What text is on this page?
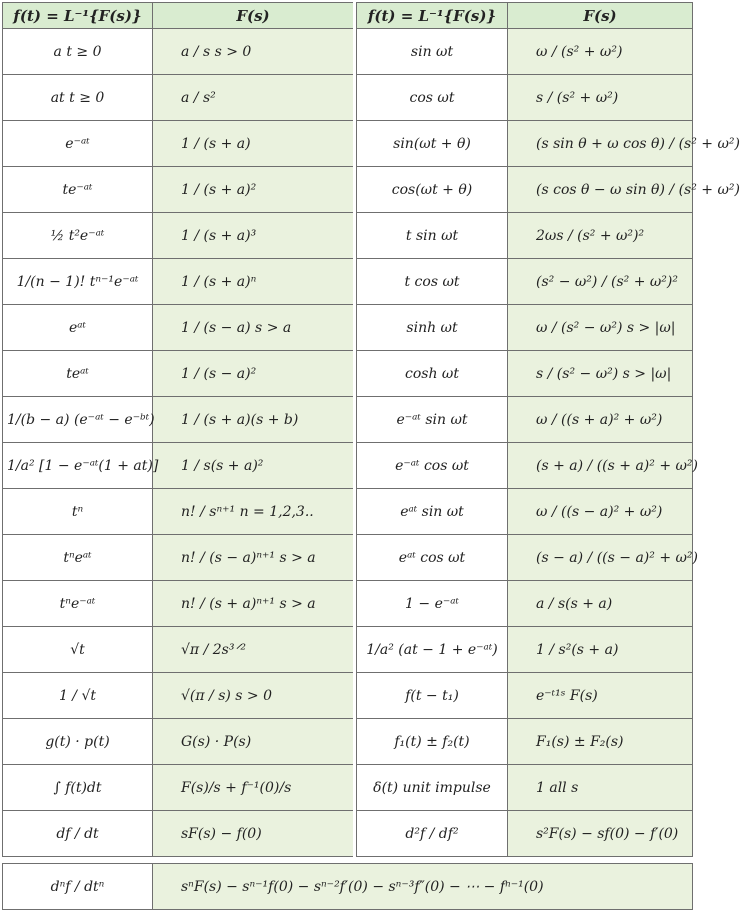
f(t) = L⁻¹{F(s)}	F(s)
a t ≥ 0	a / s s > 0
at t ≥ 0	a / s²
e⁻ᵃᵗ	1 / (s + a)
te⁻ᵃᵗ	1 / (s + a)²
½ t²e⁻ᵃᵗ	1 / (s + a)³
1/(n − 1)! tⁿ⁻¹e⁻ᵃᵗ	1 / (s + a)ⁿ
eᵃᵗ	1 / (s − a) s > a
teᵃᵗ	1 / (s − a)²
1/(b − a) (e⁻ᵃᵗ − e⁻ᵇᵗ)	1 / (s + a)(s + b)
1/a² [1 − e⁻ᵃᵗ(1 + at)]	1 / s(s + a)²
tⁿ	n! / sⁿ⁺¹ n = 1,2,3..
tⁿeᵃᵗ	n! / (s − a)ⁿ⁺¹ s > a
tⁿe⁻ᵃᵗ	n! / (s + a)ⁿ⁺¹ s > a
√t	√π / 2s³ᐟ²
1 / √t	√(π / s) s > 0
g(t) · p(t)	G(s) · P(s)
∫ f(t)dt	F(s)/s + f⁻¹(0)/s
df / dt	sF(s) − f(0)
f(t) = L⁻¹{F(s)}	F(s)
sin ωt	ω / (s² + ω²)
cos ωt	s / (s² + ω²)
sin(ωt + θ)	(s sin θ + ω cos θ) / (s² + ω²)
cos(ωt + θ)	(s cos θ − ω sin θ) / (s² + ω²)
t sin ωt	2ωs / (s² + ω²)²
t cos ωt	(s² − ω²) / (s² + ω²)²
sinh ωt	ω / (s² − ω²) s > |ω|
cosh ωt	s / (s² − ω²) s > |ω|
e⁻ᵃᵗ sin ωt	ω / ((s + a)² + ω²)
e⁻ᵃᵗ cos ωt	(s + a) / ((s + a)² + ω²)
eᵃᵗ sin ωt	ω / ((s − a)² + ω²)
eᵃᵗ cos ωt	(s − a) / ((s − a)² + ω²)
1 − e⁻ᵃᵗ	a / s(s + a)
1/a² (at − 1 + e⁻ᵃᵗ)	1 / s²(s + a)
f(t − t₁)	e⁻ᵗ¹ˢ F(s)
f₁(t) ± f₂(t)	F₁(s) ± F₂(s)
δ(t) unit impulse	1 all s
d²f / df²	s²F(s) − sf(0) − f′(0)
dⁿf / dtⁿ	sⁿF(s) − sⁿ⁻¹f(0) − sⁿ⁻²f′(0) − sⁿ⁻³f″(0) − ⋯ − fⁿ⁻¹(0)
